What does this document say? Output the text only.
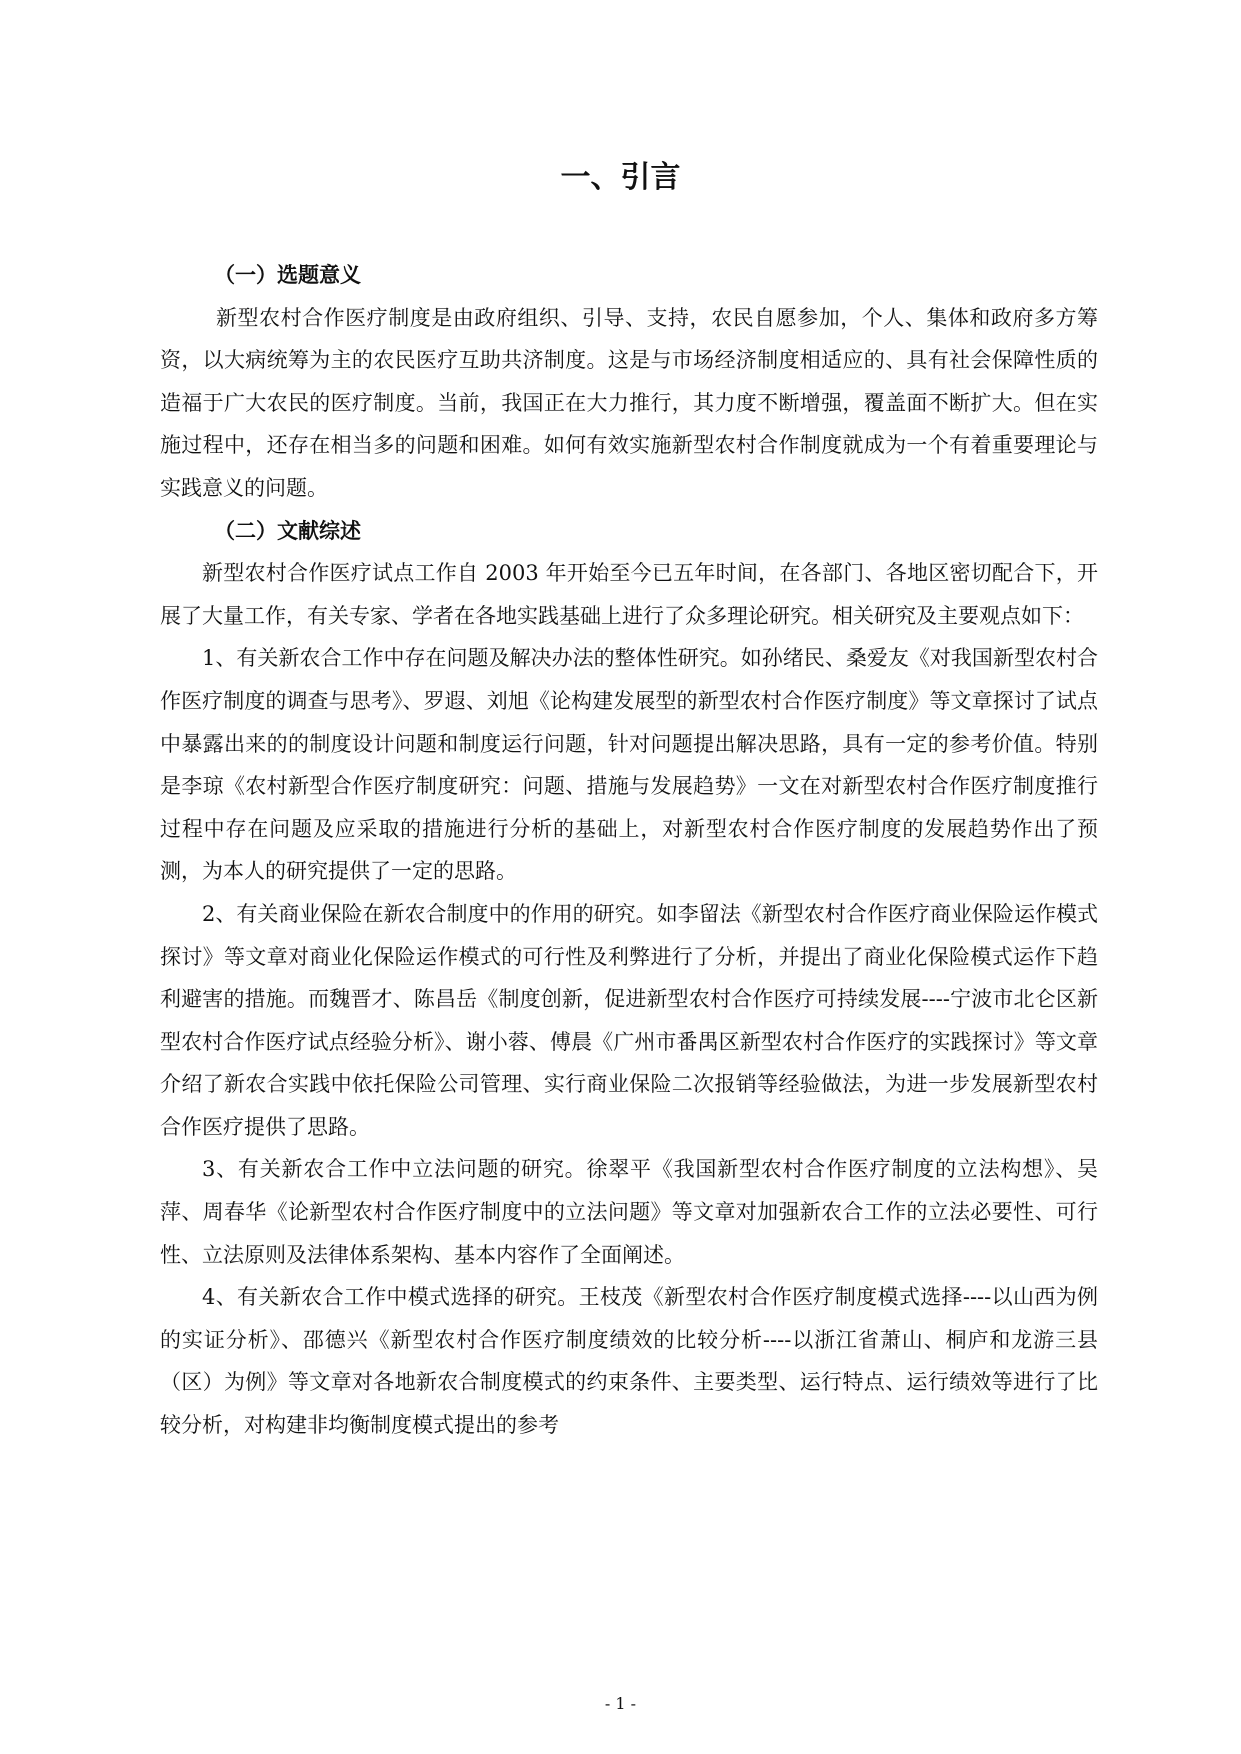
一、引言
（一）选题意义

新型农村合作医疗制度是由政府组织、引导、支持，农民自愿参加，个人、集体和政府多方筹资，以大病统筹为主的农民医疗互助共济制度。这是与市场经济制度相适应的、具有社会保障性质的造福于广大农民的医疗制度。当前，我国正在大力推行，其力度不断增强，覆盖面不断扩大。但在实施过程中，还存在相当多的问题和困难。如何有效实施新型农村合作制度就成为一个有着重要理论与实践意义的问题。

（二）文献综述

新型农村合作医疗试点工作自 2003 年开始至今已五年时间，在各部门、各地区密切配合下，开展了大量工作，有关专家、学者在各地实践基础上进行了众多理论研究。相关研究及主要观点如下：

1、有关新农合工作中存在问题及解决办法的整体性研究。如孙绪民、桑爱友《对我国新型农村合作医疗制度的调查与思考》、罗遐、刘旭《论构建发展型的新型农村合作医疗制度》等文章探讨了试点中暴露出来的的制度设计问题和制度运行问题，针对问题提出解决思路，具有一定的参考价值。特别是李琼《农村新型合作医疗制度研究：问题、措施与发展趋势》一文在对新型农村合作医疗制度推行过程中存在问题及应采取的措施进行分析的基础上，对新型农村合作医疗制度的发展趋势作出了预测，为本人的研究提供了一定的思路。

2、有关商业保险在新农合制度中的作用的研究。如李留法《新型农村合作医疗商业保险运作模式探讨》等文章对商业化保险运作模式的可行性及利弊进行了分析，并提出了商业化保险模式运作下趋利避害的措施。而魏晋才、陈昌岳《制度创新，促进新型农村合作医疗可持续发展----宁波市北仑区新型农村合作医疗试点经验分析》、谢小蓉、傅晨《广州市番禺区新型农村合作医疗的实践探讨》等文章介绍了新农合实践中依托保险公司管理、实行商业保险二次报销等经验做法，为进一步发展新型农村合作医疗提供了思路。

3、有关新农合工作中立法问题的研究。徐翠平《我国新型农村合作医疗制度的立法构想》、吴萍、周春华《论新型农村合作医疗制度中的立法问题》等文章对加强新农合工作的立法必要性、可行性、立法原则及法律体系架构、基本内容作了全面阐述。

4、有关新农合工作中模式选择的研究。王枝茂《新型农村合作医疗制度模式选择----以山西为例的实证分析》、邵德兴《新型农村合作医疗制度绩效的比较分析----以浙江省萧山、桐庐和龙游三县（区）为例》等文章对各地新农合制度模式的约束条件、主要类型、运行特点、运行绩效等进行了比较分析，对构建非均衡制度模式提出的参考

- 1 -
